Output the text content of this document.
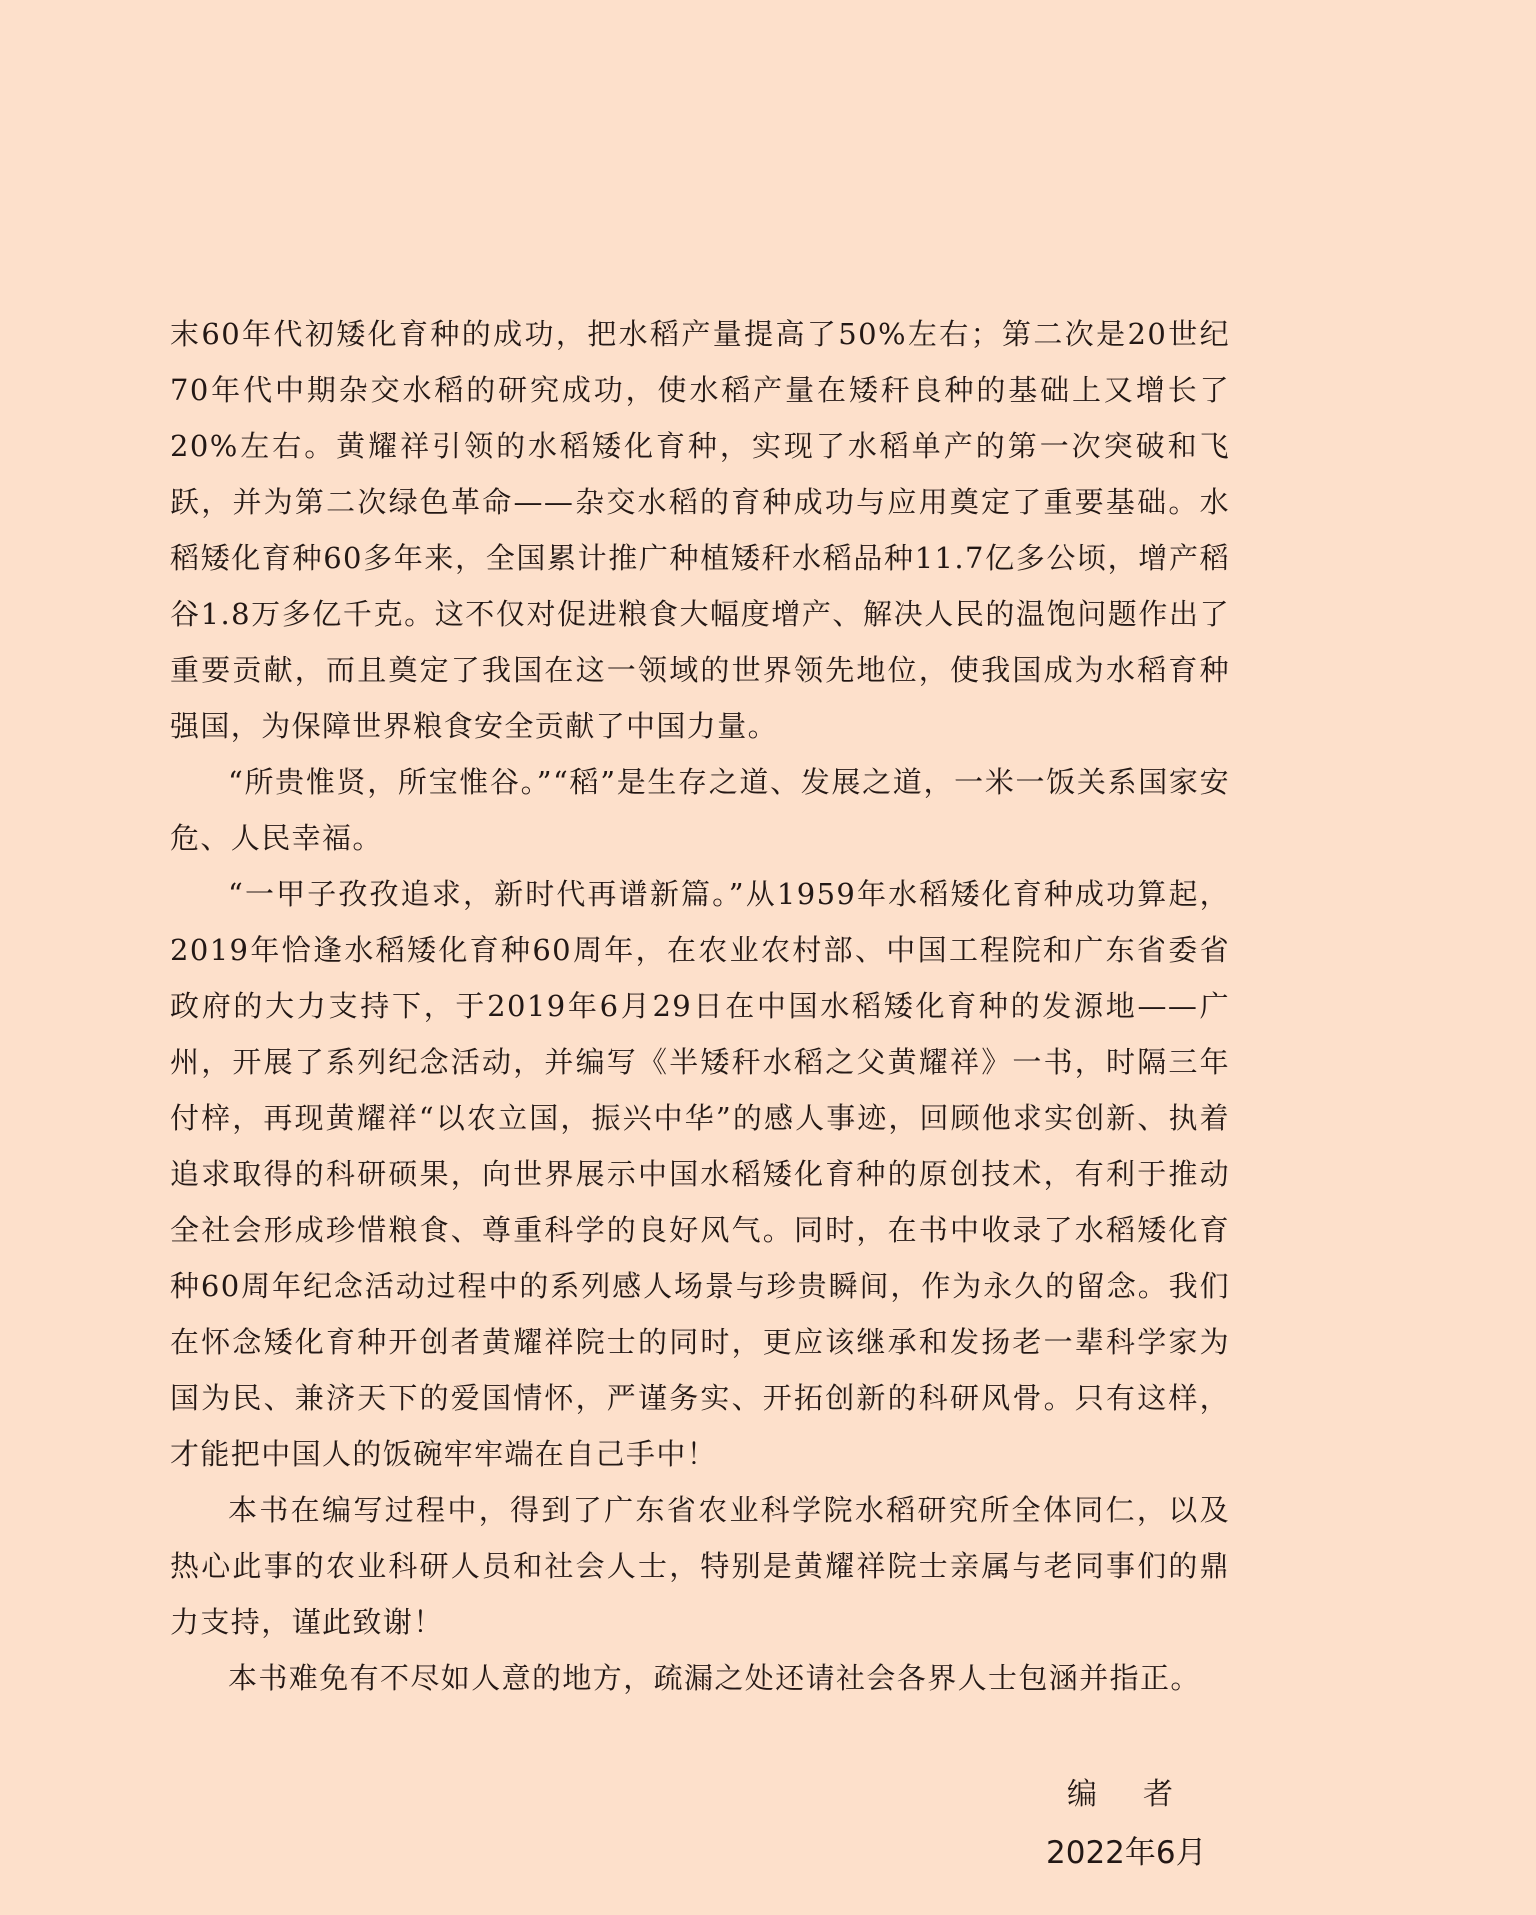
末60年代初矮化育种的成功，把水稻产量提高了50%左右；第二次是20世纪70年代中期杂交水稻的研究成功，使水稻产量在矮秆良种的基础上又增长了20%左右。黄耀祥引领的水稻矮化育种，实现了水稻单产的第一次突破和飞跃，并为第二次绿色革命——杂交水稻的育种成功与应用奠定了重要基础。水稻矮化育种60多年来，全国累计推广种植矮秆水稻品种11.7亿多公顷，增产稻谷1.8万多亿千克。这不仅对促进粮食大幅度增产、解决人民的温饱问题作出了重要贡献，而且奠定了我国在这一领域的世界领先地位，使我国成为水稻育种强国，为保障世界粮食安全贡献了中国力量。

“所贵惟贤，所宝惟谷。”“稻”是生存之道、发展之道，一米一饭关系国家安危、人民幸福。

“一甲子孜孜追求，新时代再谱新篇。”从1959年水稻矮化育种成功算起，2019年恰逢水稻矮化育种60周年，在农业农村部、中国工程院和广东省委省政府的大力支持下，于2019年6月29日在中国水稻矮化育种的发源地——广州，开展了系列纪念活动，并编写《半矮秆水稻之父黄耀祥》一书，时隔三年付梓，再现黄耀祥“以农立国，振兴中华”的感人事迹，回顾他求实创新、执着追求取得的科研硕果，向世界展示中国水稻矮化育种的原创技术，有利于推动全社会形成珍惜粮食、尊重科学的良好风气。同时，在书中收录了水稻矮化育种60周年纪念活动过程中的系列感人场景与珍贵瞬间，作为永久的留念。我们在怀念矮化育种开创者黄耀祥院士的同时，更应该继承和发扬老一辈科学家为国为民、兼济天下的爱国情怀，严谨务实、开拓创新的科研风骨。只有这样，才能把中国人的饭碗牢牢端在自己手中！

本书在编写过程中，得到了广东省农业科学院水稻研究所全体同仁，以及热心此事的农业科研人员和社会人士，特别是黄耀祥院士亲属与老同事们的鼎力支持，谨此致谢！

本书难免有不尽如人意的地方，疏漏之处还请社会各界人士包涵并指正。

编者
2022年6月
